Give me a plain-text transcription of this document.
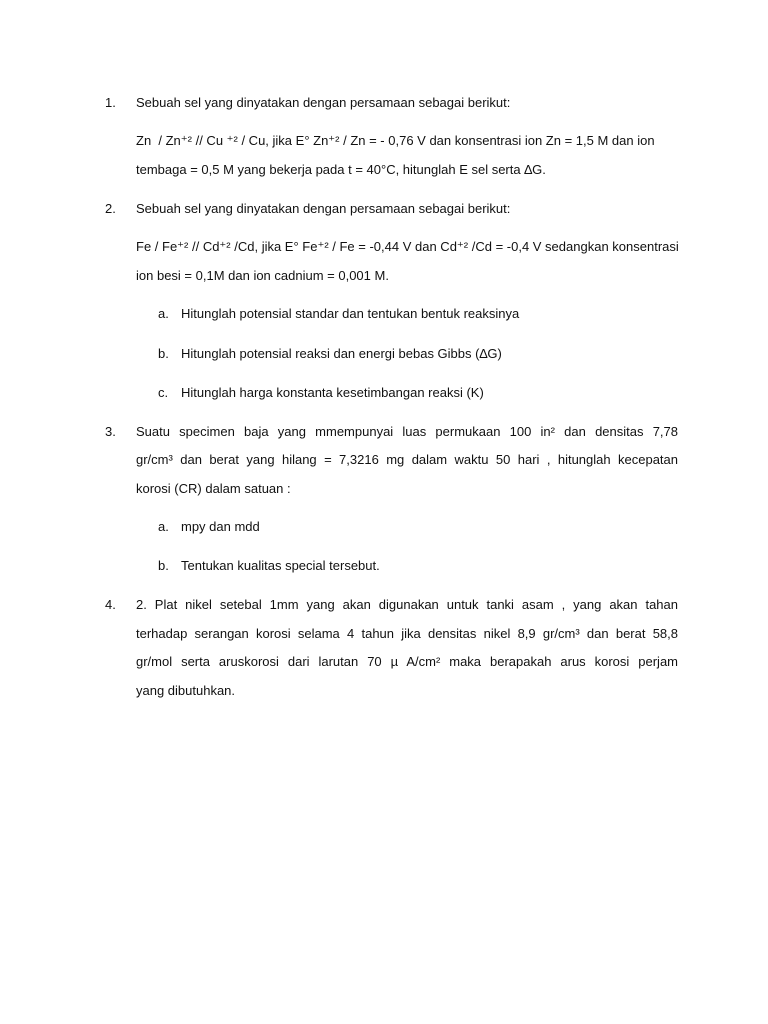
1. Sebuah sel yang dinyatakan dengan persamaan sebagai berikut:
Zn  / Zn⁺² // Cu ⁺² / Cu, jika E° Zn⁺² / Zn = - 0,76 V dan konsentrasi ion Zn = 1,5 M dan ion
tembaga = 0,5 M yang bekerja pada t = 40°C, hitunglah E sel serta ∆G.
2. Sebuah sel yang dinyatakan dengan persamaan sebagai berikut:
Fe / Fe⁺² // Cd⁺² /Cd, jika E° Fe⁺² / Fe = -0,44 V dan Cd⁺² /Cd = -0,4 V sedangkan konsentrasi
ion besi = 0,1M dan ion cadnium = 0,001 M.
a. Hitunglah potensial standar dan tentukan bentuk reaksinya
b. Hitunglah potensial reaksi dan energi bebas Gibbs (∆G)
c. Hitunglah harga konstanta kesetimbangan reaksi (K)
3. Suatu specimen baja yang mmempunyai luas permukaan 100 in² dan densitas 7,78
gr/cm³ dan berat yang hilang = 7,3216 mg dalam waktu 50 hari , hitunglah kecepatan
korosi (CR) dalam satuan :
a. mpy dan mdd
b. Tentukan kualitas special tersebut.
4. 2. Plat nikel setebal 1mm yang akan digunakan untuk tanki asam , yang akan tahan
terhadap serangan korosi selama 4 tahun jika densitas nikel 8,9 gr/cm³ dan berat 58,8
gr/mol serta aruskorosi dari larutan 70 µ A/cm² maka berapakah arus korosi perjam
yang dibutuhkan.
